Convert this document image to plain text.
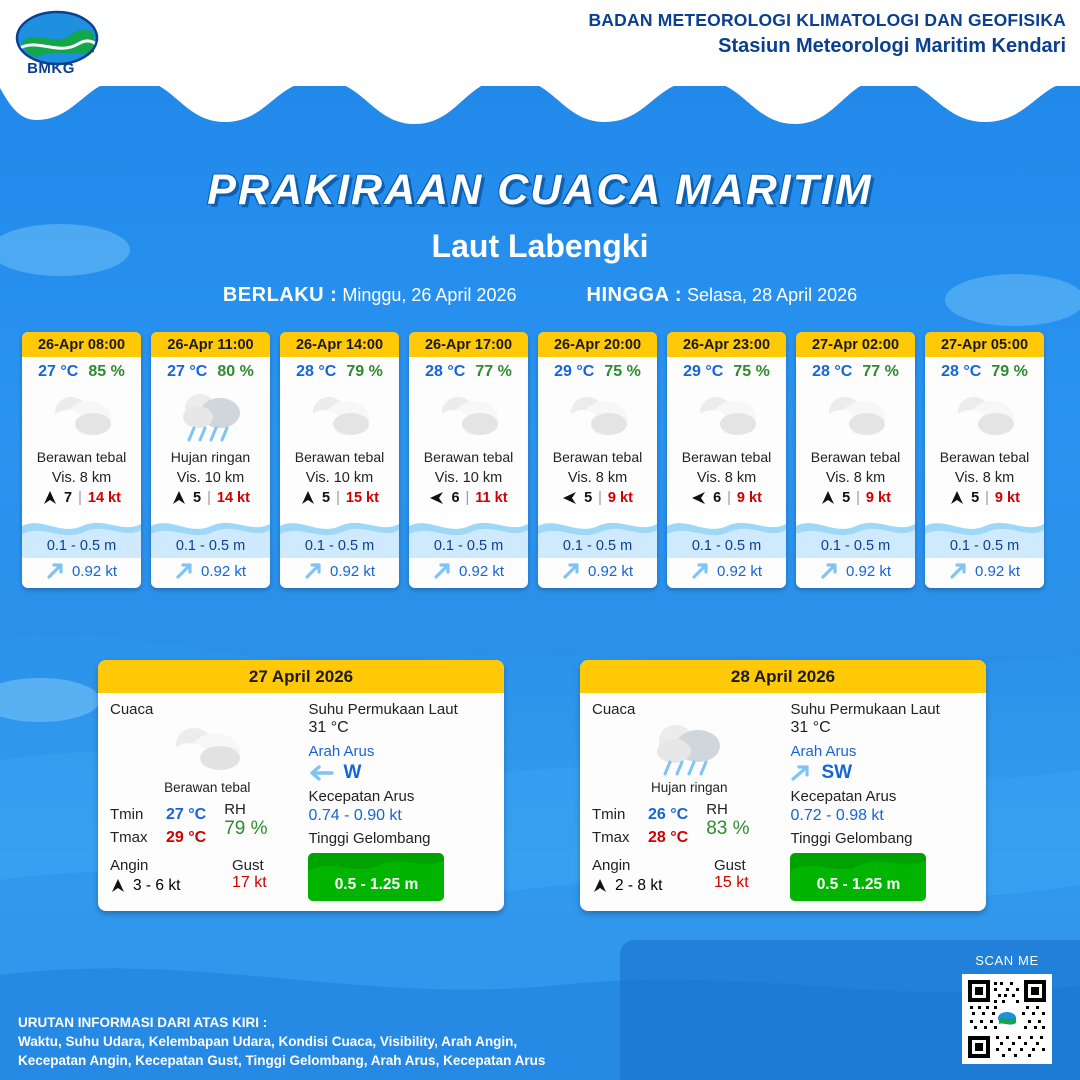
BMKG
BADAN METEOROLOGI KLIMATOLOGI DAN GEOFISIKA
Stasiun Meteorologi Maritim Kendari
PRAKIRAAN CUACA MARITIM
Laut Labengki
BERLAKU : Minggu, 26 April 2026	HINGGA : Selasa, 28 April 2026
26-Apr 08:00
27 °C 85 %
Berawan tebal
Vis. 8 km
7 | 14 kt
0.1 - 0.5 m
0.92 kt
26-Apr 11:00
27 °C 80 %
Hujan ringan
Vis. 10 km
5 | 14 kt
0.1 - 0.5 m
0.92 kt
26-Apr 14:00
28 °C 79 %
Berawan tebal
Vis. 10 km
5 | 15 kt
0.1 - 0.5 m
0.92 kt
26-Apr 17:00
28 °C 77 %
Berawan tebal
Vis. 10 km
6 | 11 kt
0.1 - 0.5 m
0.92 kt
26-Apr 20:00
29 °C 75 %
Berawan tebal
Vis. 8 km
5 | 9 kt
0.1 - 0.5 m
0.92 kt
26-Apr 23:00
29 °C 75 %
Berawan tebal
Vis. 8 km
6 | 9 kt
0.1 - 0.5 m
0.92 kt
27-Apr 02:00
28 °C 77 %
Berawan tebal
Vis. 8 km
5 | 9 kt
0.1 - 0.5 m
0.92 kt
27-Apr 05:00
28 °C 79 %
Berawan tebal
Vis. 8 km
5 | 9 kt
0.1 - 0.5 m
0.92 kt
27 April 2026
Cuaca
Berawan tebal
Tmin	27 °C
Tmax	29 °C
RH
79 %
Angin
3 - 6 kt
Gust
17 kt
Suhu Permukaan Laut
31 °C
Arah Arus
W
Kecepatan Arus
0.74 - 0.90 kt
Tinggi Gelombang
0.5 - 1.25 m
28 April 2026
Cuaca
Hujan ringan
Tmin	26 °C
Tmax	28 °C
RH
83 %
Angin
2 - 8 kt
Gust
15 kt
Suhu Permukaan Laut
31 °C
Arah Arus
SW
Kecepatan Arus
0.72 - 0.98 kt
Tinggi Gelombang
0.5 - 1.25 m
URUTAN INFORMASI DARI ATAS KIRI :
Waktu, Suhu Udara, Kelembapan Udara, Kondisi Cuaca, Visibility, Arah Angin,
Kecepatan Angin, Kecepatan Gust, Tinggi Gelombang, Arah Arus, Kecepatan Arus
SCAN ME
